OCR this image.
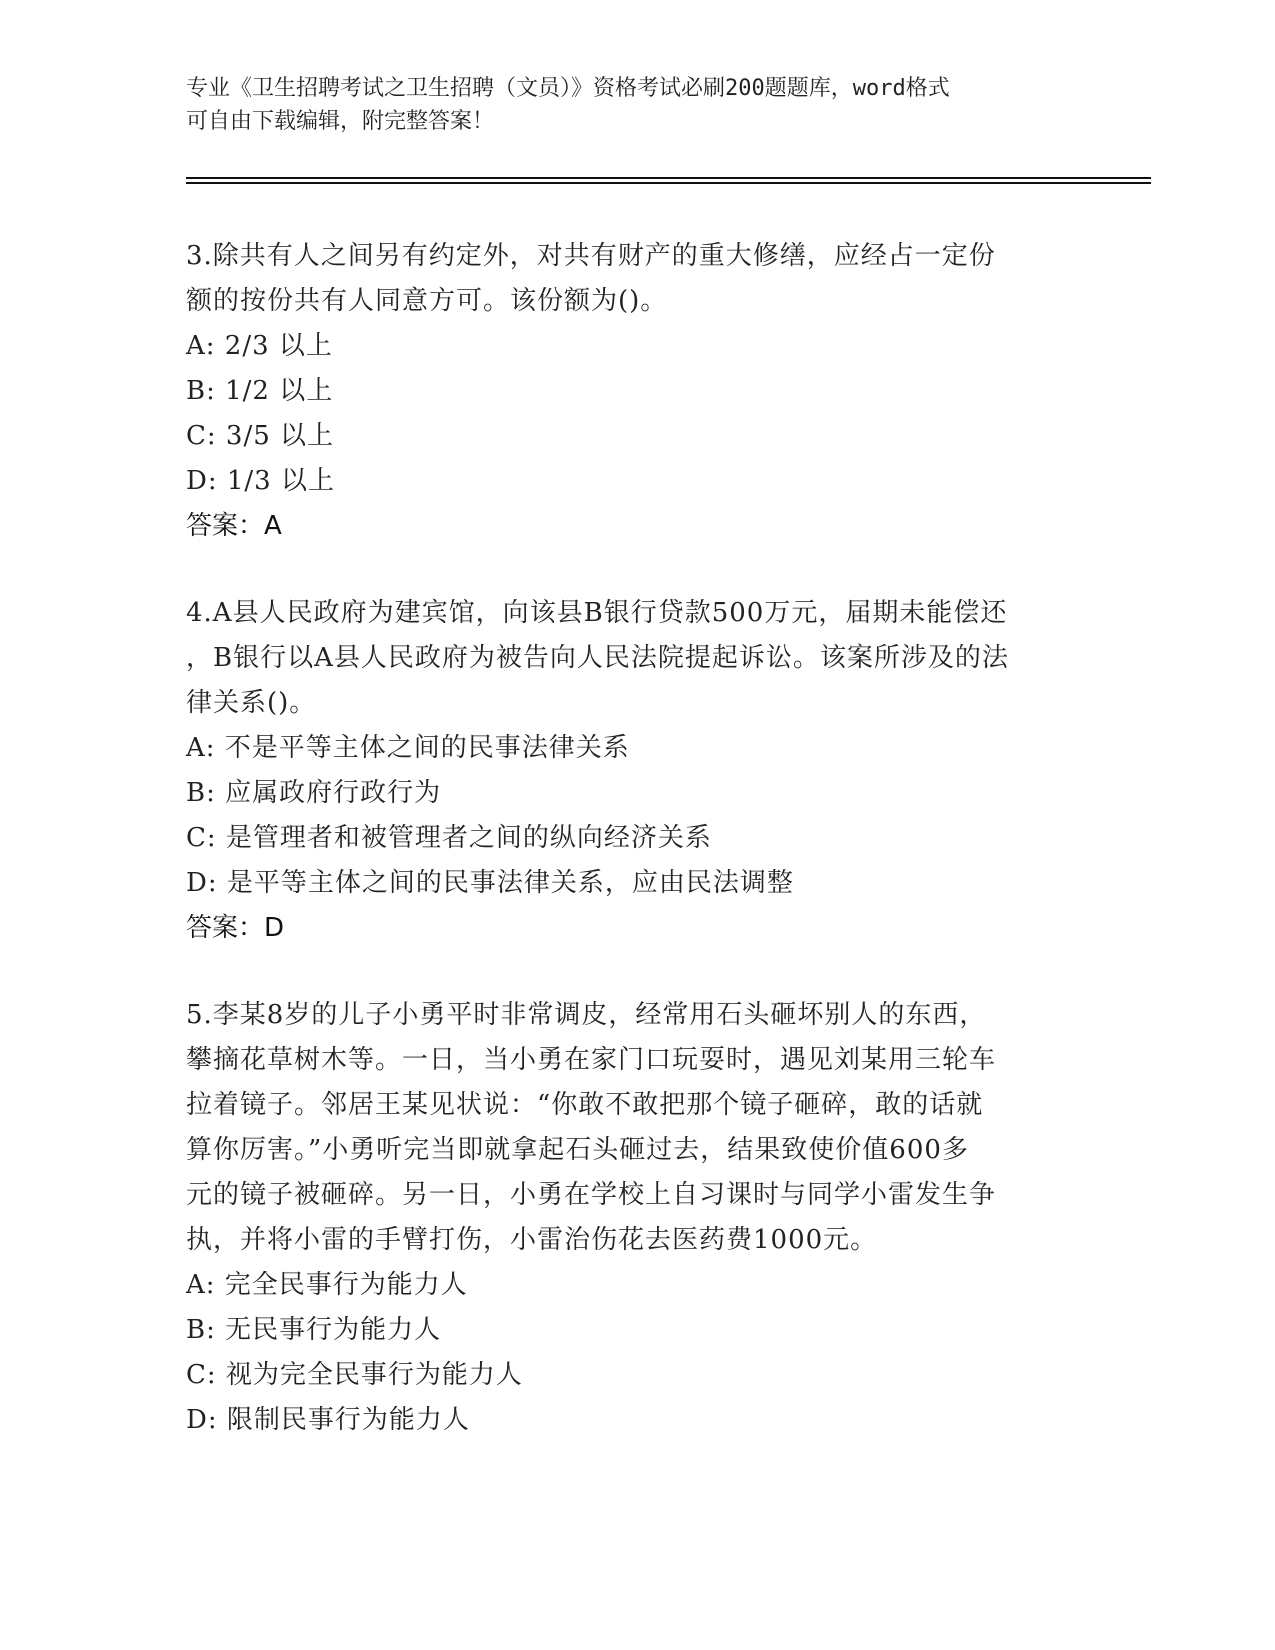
专业《卫生招聘考试之卫生招聘（文员）》资格考试必刷200题题库，word格式
可自由下载编辑，附完整答案！
3.除共有人之间另有约定外，对共有财产的重大修缮，应经占一定份
额的按份共有人同意方可。该份额为()。
A: 2/3 以上
B: 1/2 以上
C: 3/5 以上
D: 1/3 以上
答案：A
4.A县人民政府为建宾馆，向该县B银行贷款500万元，届期未能偿还
，B银行以A县人民政府为被告向人民法院提起诉讼。该案所涉及的法
律关系()。
A: 不是平等主体之间的民事法律关系
B: 应属政府行政行为
C: 是管理者和被管理者之间的纵向经济关系
D: 是平等主体之间的民事法律关系，应由民法调整
答案：D
5.李某8岁的儿子小勇平时非常调皮，经常用石头砸坏别人的东西，
攀摘花草树木等。一日，当小勇在家门口玩耍时，遇见刘某用三轮车
拉着镜子。邻居王某见状说：“你敢不敢把那个镜子砸碎，敢的话就
算你厉害。”小勇听完当即就拿起石头砸过去，结果致使价值600多
元的镜子被砸碎。另一日，小勇在学校上自习课时与同学小雷发生争
执，并将小雷的手臂打伤，小雷治伤花去医药费1000元。
A: 完全民事行为能力人
B: 无民事行为能力人
C: 视为完全民事行为能力人
D: 限制民事行为能力人
